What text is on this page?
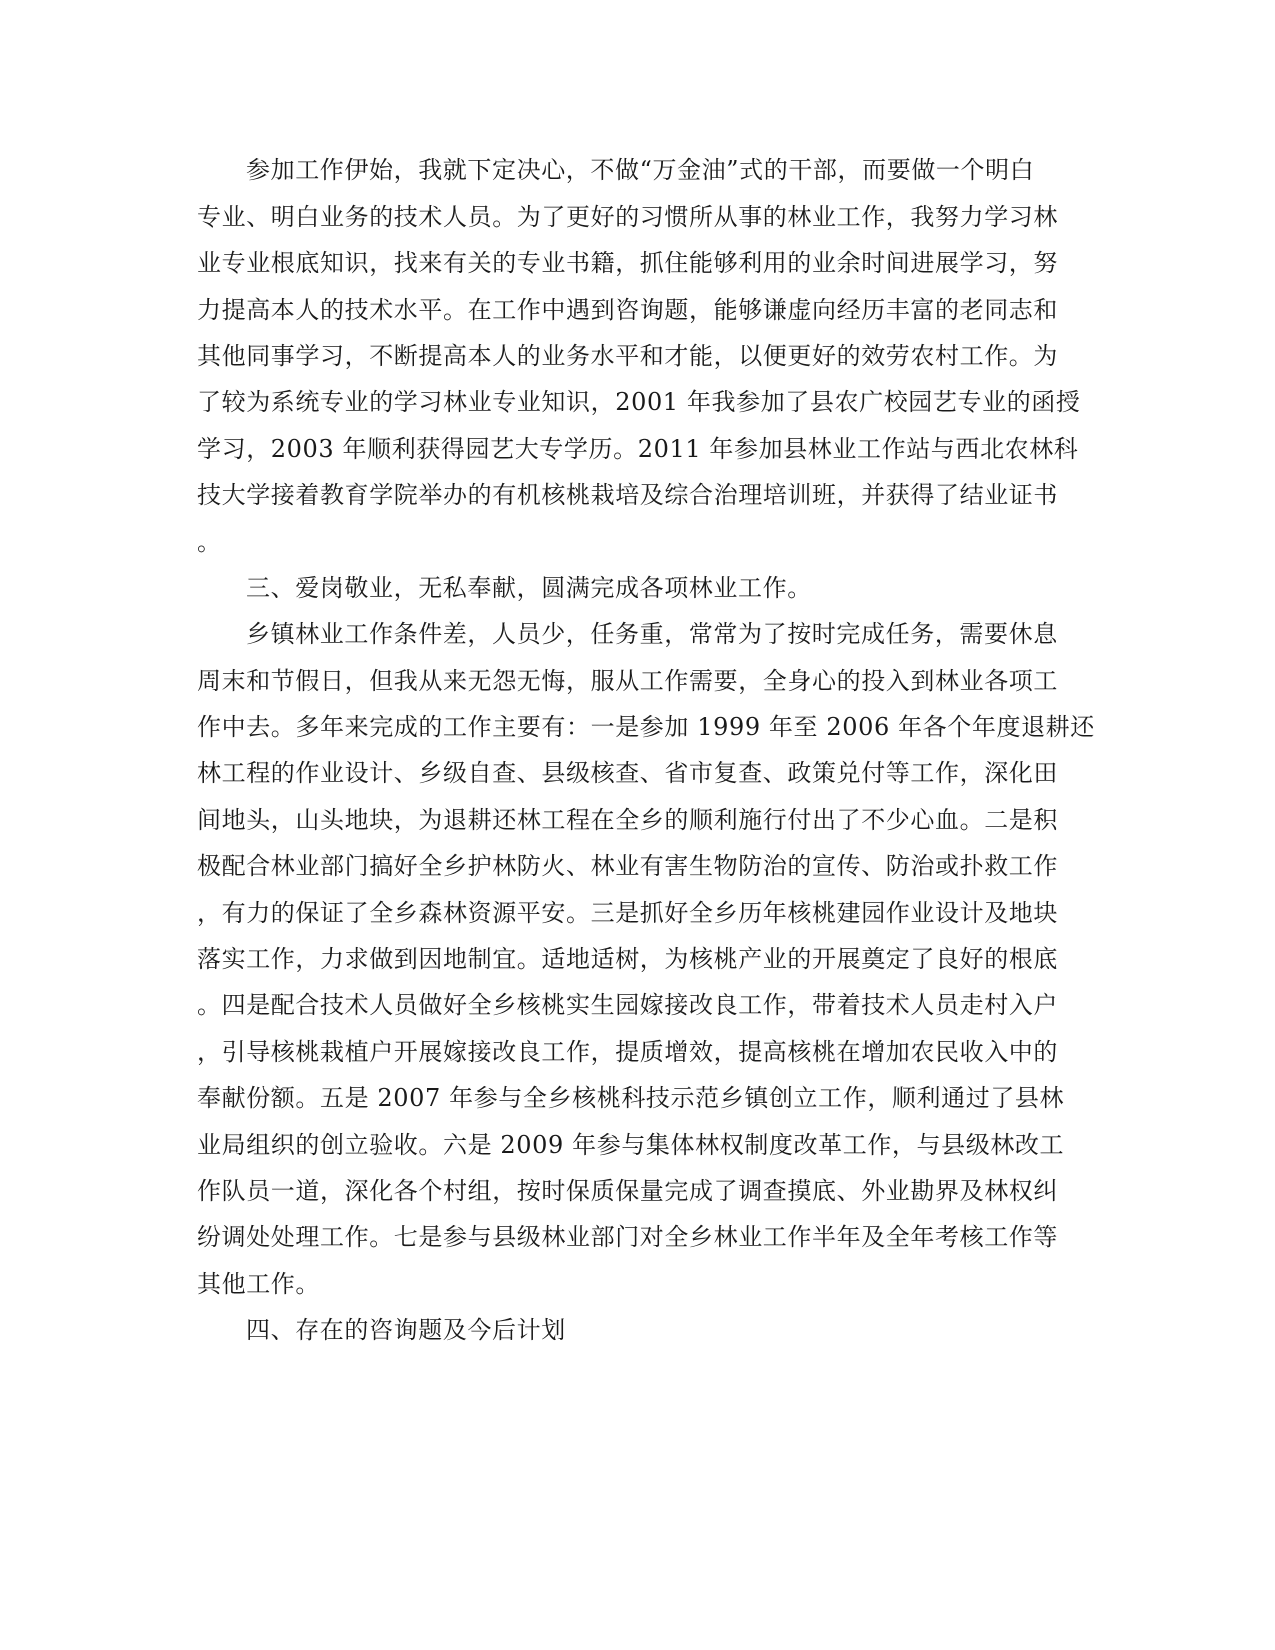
参加工作伊始，我就下定决心，不做“万金油”式的干部，而要做一个明白
专业、明白业务的技术人员。为了更好的习惯所从事的林业工作，我努力学习林
业专业根底知识，找来有关的专业书籍，抓住能够利用的业余时间进展学习，努
力提高本人的技术水平。在工作中遇到咨询题，能够谦虚向经历丰富的老同志和
其他同事学习，不断提高本人的业务水平和才能，以便更好的效劳农村工作。为
了较为系统专业的学习林业专业知识，2001 年我参加了县农广校园艺专业的函授
学习，2003 年顺利获得园艺大专学历。2011 年参加县林业工作站与西北农林科
技大学接着教育学院举办的有机核桃栽培及综合治理培训班，并获得了结业证书
。
三、爱岗敬业，无私奉献，圆满完成各项林业工作。
乡镇林业工作条件差，人员少，任务重，常常为了按时完成任务，需要休息
周末和节假日，但我从来无怨无悔，服从工作需要，全身心的投入到林业各项工
作中去。多年来完成的工作主要有：一是参加 1999 年至 2006 年各个年度退耕还
林工程的作业设计、乡级自查、县级核查、省市复查、政策兑付等工作，深化田
间地头，山头地块，为退耕还林工程在全乡的顺利施行付出了不少心血。二是积
极配合林业部门搞好全乡护林防火、林业有害生物防治的宣传、防治或扑救工作
，有力的保证了全乡森林资源平安。三是抓好全乡历年核桃建园作业设计及地块
落实工作，力求做到因地制宜。适地适树，为核桃产业的开展奠定了良好的根底
。四是配合技术人员做好全乡核桃实生园嫁接改良工作，带着技术人员走村入户
，引导核桃栽植户开展嫁接改良工作，提质增效，提高核桃在增加农民收入中的
奉献份额。五是 2007 年参与全乡核桃科技示范乡镇创立工作，顺利通过了县林
业局组织的创立验收。六是 2009 年参与集体林权制度改革工作，与县级林改工
作队员一道，深化各个村组，按时保质保量完成了调查摸底、外业勘界及林权纠
纷调处处理工作。七是参与县级林业部门对全乡林业工作半年及全年考核工作等
其他工作。
四、存在的咨询题及今后计划
